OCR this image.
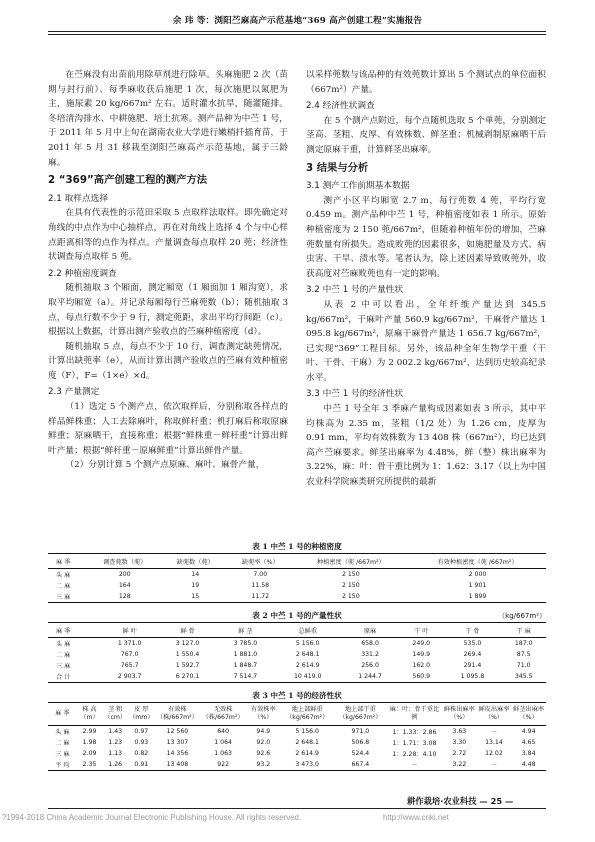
余 玮 等：浏阳苎麻高产示范基地“369 高产创建工程”实施报告

在苎麻没有出苗前用除草剂进行除草。头麻施肥 2 次（苗期与封行前）、每季麻收获后施肥 1 次，每次施肥以氮肥为主，施尿素 20 kg/667m² 左右。适时灌水抗旱，随灌随排。冬培清沟排水、中耕施肥、培土抗寒。测产品种为中苎 1 号，于 2011 年 5 月中上旬在湖南农业大学进行嫩梢扦插育苗，于 2011 年 5 月 31 移栽至浏阳苎麻高产示范基地，属于三龄麻。

2 “369”高产创建工程的测产方法
2.1 取样点选择

在具有代表性的示范田采取 5 点取样法取样。即先确定对角线的中点作为中心抽样点，再在对角线上选择 4 个与中心样点距离相等的点作为样点。产量调查每点取样 20 蔸；经济性状调查每点取样 5 蔸。

2.2 种植密度调查

随机抽取 3 个厢面，测定厢宽（1 厢面加 1 厢沟宽），求取平均厢宽（a）。并记录每厢每行苎麻蔸数（b）；随机抽取 3 点，每点行数不少于 9 行，测定蔸距，求出平均行间距（c）。根据以上数据，计算出测产验收点的苎麻种植密度（d）。

随机抽取 5 点，每点不少于 10 行，调查测定缺蔸情况，计算出缺蔸率（e），从而计算出测产验收点的苎麻有效种植密度（F），F=（1×e）×d。

2.3 产量测定

（1）选定 5 个测产点，依次取样后，分别称取各样点的样品鲜株重；人工去除麻叶，称取鲜秆重；机打麻后称取原麻鲜重；原麻晒干，直接称重；根据“鲜株重－鲜秆重”计算出鲜叶产量；根据“鲜秆重－原麻鲜重”计算出鲜骨产量。

（2）分别计算 5 个测产点原麻、麻叶、麻骨产量，

以采样蔸数与该品种的有效蔸数计算出 5 个测试点的单位面积（667m²）产量。

2.4 经济性状调查

在 5 个测产点附近，每个点随机选取 5 个单蔸，分别测定茎高、茎粗、皮厚、有效株数、鲜茎重；机械剥制原麻晒干后测定原麻干重，计算鲜茎出麻率。

3 结果与分析
3.1 测产工作前期基本数据

测产小区平均厢宽 2.7 m，每行蔸数 4 蔸，平均行宽 0.459 m。测产品种中苎 1 号，种植密度如表 1 所示。原始种植密度为 2 150 蔸/667m²，但随着种植年份的增加，苎麻蔸数量有所损失。造成败蔸的因素很多，如施肥量及方式、病虫害、干旱、渍水等。笔者认为，除上述因素导致败蔸外，收获高度对苎麻败蔸也有一定的影响。

3.2 中苎 1 号的产量性状

从表 2 中可以看出，全年纤维产量达到 345.5 kg/667m²，干麻叶产量 560.9 kg/667m²，干麻骨产量达 1 095.8 kg/667m²，原麻干麻骨产量达 1 656.7 kg/667m²，已实现“369”工程目标。另外，该品种全年生物学干重（干叶、干骨、干麻）为 2 002.2 kg/667m²，达到历史较高纪录水平。

3.3 中苎 1 号的经济性状

中苎 1 号全年 3 季麻产量构成因素如表 3 所示，其中平均株高为 2.35 m，茎粗（1/2 处）为 1.26 cm，皮厚为 0.91 mm，平均有效株数为 13 408 株（667m²），均已达到高产苎麻要求。鲜茎出麻率为 4.48%，鲜（整）株出麻率为 3.22%，麻：叶：骨干重比例为 1：1.62：3.17（以上为中国农业科学院麻类研究所提供的最新

表 1 中苎 1 号的种植密度
麻 季	调查蔸数（蔸）	缺蔸数（蔸）	缺蔸率（%）	种植密度（蔸 /667m²）	有效种植密度（蔸 /667m²）
头 麻	200	14	7.00	2 150	2 000
二 麻	164	19	11.58	2 150	1 901
三 麻	128	15	11.72	2 150	1 899
表 2 中苎 1 号的产量性状	（kg/667m²）
麻 季	鲜 叶	鲜 骨	鲜 茎	总鲜重	原麻	干 叶	干 骨	干 麻
头 麻	1 371.0	3 127.0	3 785.0	5 156.0	658.0	249.0	535.0	187.0
二 麻	767.0	1 550.4	1 881.0	2 648.1	331.2	149.9	269.4	87.5
三 麻	765.7	1 592.7	1 848.7	2 614.9	256.0	162.0	291.4	71.0
合 计	2 903.7	6 270.1	7 514.7	10 419.0	1 244.7	560.9	1 095.8	345.5
表 3 中苎 1 号的经济性状
麻 季	株 高（m）	茎 粗（cm）	皮 厚（mm）	有效株（株/667m²）	无效株（株/667m²）	有效株率（%）	地上部鲜重（kg/667m²）	地上部干重（kg/667m²）	麻：叶：骨干重比例	鲜株出麻率（%）	鲜皮出麻率（%）	鲜茎出麻率（%）
头 麻	2.99	1.43	0.97	12 560	640	94.9	5 156.0	971.0	1：1.33：2.86	3.63	－	4.94
二 麻	1.98	1.23	0.93	13 307	1 064	92.0	2 648.1	506.8	1：1.71：3.08	3.30	13.14	4.65
三 麻	2.09	1.13	0.82	14 356	1 063	92.6	2 614.9	524.4	1：2.28：4.10	2.72	12.02	3.84
平 均	2.35	1.26	0.91	13 408	922	93.2	3 473.0	667.4	－	3.22	－	4.48
耕作栽培·农业科技 — 25 —
?1994-2018 China Academic Journal Electronic Publishing House. All rights reserved.	http://www.cnki.net
